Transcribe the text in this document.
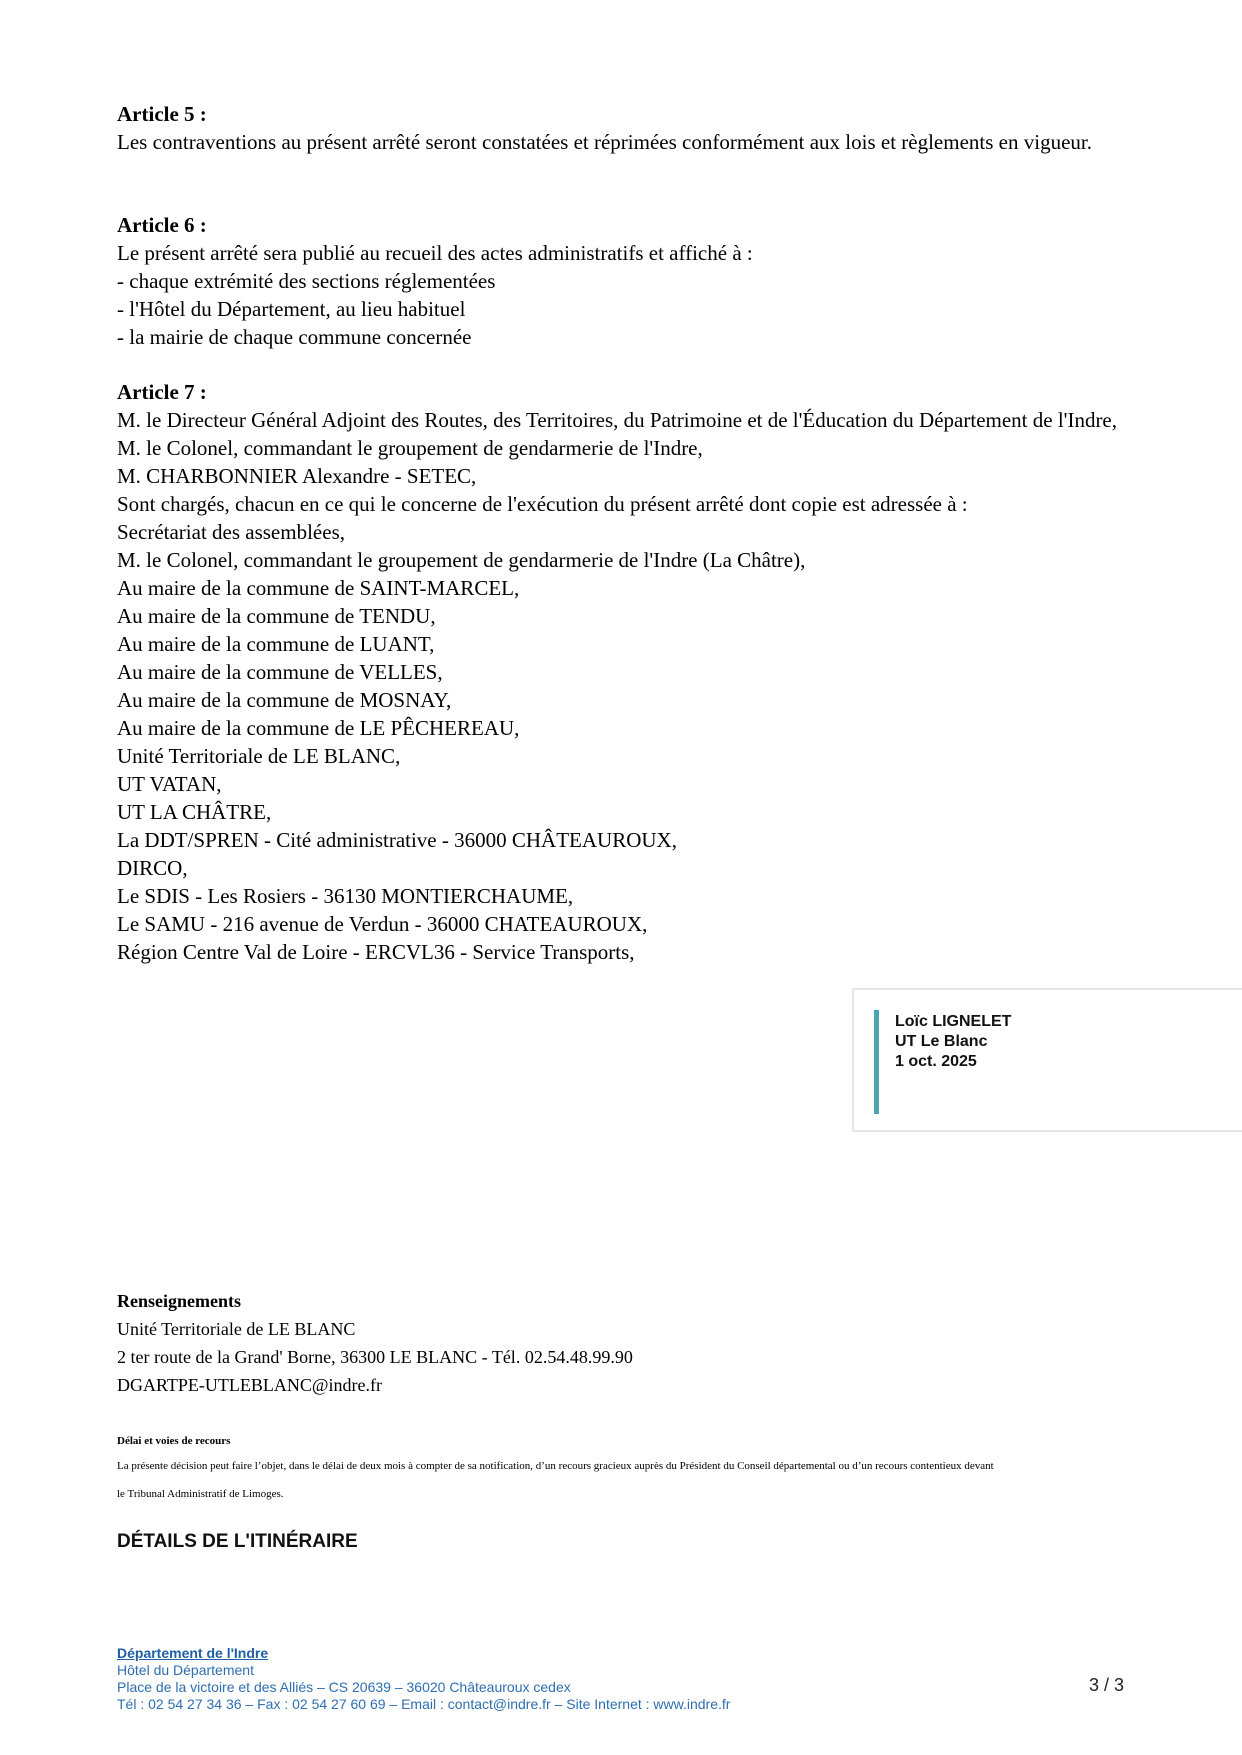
Article 5 :

Les contraventions au présent arrêté seront constatées et réprimées conformément aux lois et règlements en vigueur.

Article 6 :

Le présent arrêté sera publié au recueil des actes administratifs et affiché à :

- chaque extrémité des sections réglementées

- l'Hôtel du Département, au lieu habituel

- la mairie de chaque commune concernée

Article 7 :

M. le Directeur Général Adjoint des Routes, des Territoires, du Patrimoine et de l'Éducation du Département de l'Indre,

M. le Colonel, commandant le groupement de gendarmerie de l'Indre,

M. CHARBONNIER Alexandre - SETEC,

Sont chargés, chacun en ce qui le concerne de l'exécution du présent arrêté dont copie est adressée à :

Secrétariat des assemblées,

M. le Colonel, commandant le groupement de gendarmerie de l'Indre (La Châtre),

Au maire de la commune de SAINT-MARCEL,

Au maire de la commune de TENDU,

Au maire de la commune de LUANT,

Au maire de la commune de VELLES,

Au maire de la commune de MOSNAY,

Au maire de la commune de LE PÊCHEREAU,

Unité Territoriale de LE BLANC,

UT VATAN,

UT LA CHÂTRE,

La DDT/SPREN - Cité administrative - 36000 CHÂTEAUROUX,

DIRCO,

Le SDIS - Les Rosiers - 36130 MONTIERCHAUME,

Le SAMU - 216 avenue de Verdun - 36000 CHATEAUROUX,

Région Centre Val de Loire - ERCVL36 - Service Transports,

Loïc LIGNELET
UT Le Blanc
1 oct. 2025

Renseignements

Unité Territoriale de LE BLANC

2 ter route de la Grand' Borne, 36300 LE BLANC - Tél. 02.54.48.99.90

DGARTPE-UTLEBLANC@indre.fr

Délai et voies de recours

La présente décision peut faire l’objet, dans le délai de deux mois à compter de sa notification, d’un recours gracieux auprès du Président du Conseil départemental ou d’un recours contentieux devant

le Tribunal Administratif de Limoges.

DÉTAILS DE L'ITINÉRAIRE
Département de l'Indre
Hôtel du Département
Place de la victoire et des Alliés – CS 20639 – 36020 Châteauroux cedex
Tél : 02 54 27 34 36 – Fax : 02 54 27 60 69 – Email : contact@indre.fr – Site Internet : www.indre.fr
3 / 3
